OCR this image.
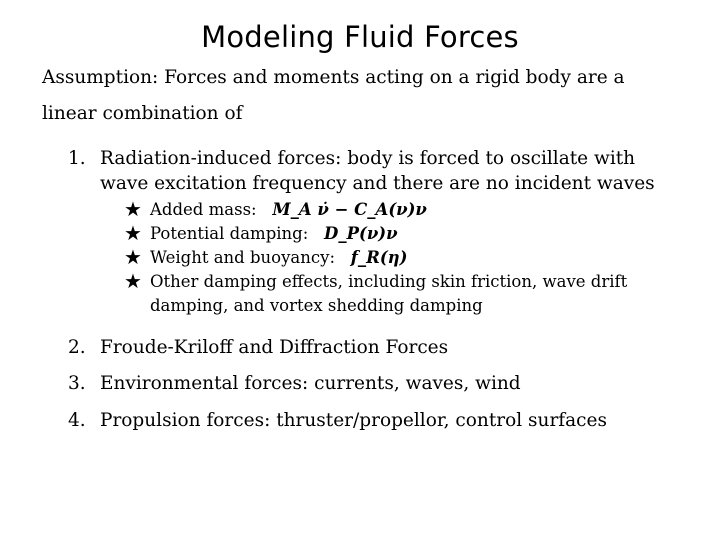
Modeling Fluid Forces
Assumption: Forces and moments acting on a rigid body are a linear combination of
1. Radiation-induced forces: body is forced to oscillate with wave excitation frequency and there are no incident waves
★ Added mass: M_A ν̇ − C_A(ν)ν
★ Potential damping: D_P(ν)ν
★ Weight and buoyancy: f_R(η)
★ Other damping effects, including skin friction, wave drift damping, and vortex shedding damping
2. Froude-Kriloff and Diffraction Forces
3. Environmental forces: currents, waves, wind
4. Propulsion forces: thruster/propellor, control surfaces
